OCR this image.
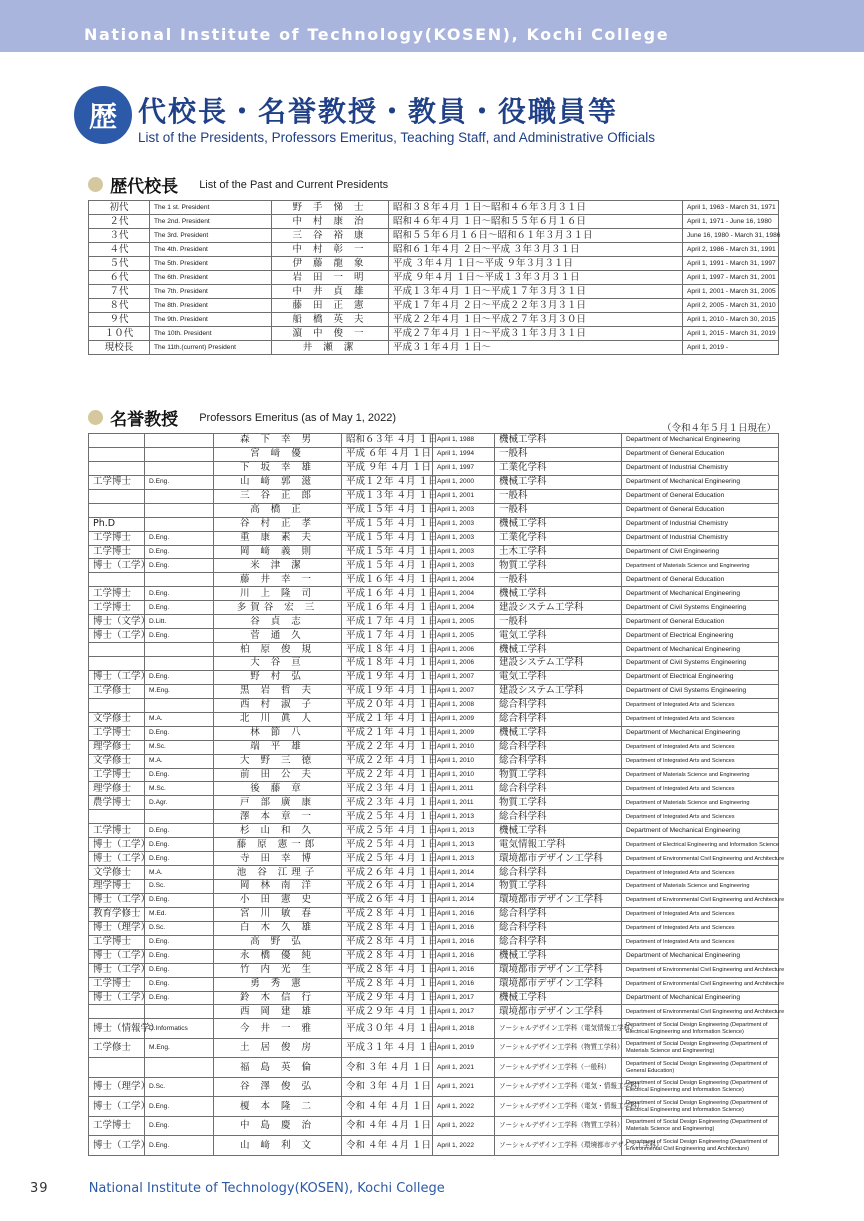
National Institute of Technology(KOSEN), Kochi College
歴 代校長・名誉教授・教員・役職員等
List of the Presidents, Professors Emeritus, Teaching Staff, and Administrative Officials
歴代校長 List of the Past and Current Presidents
初代	The 1 st. President	野 手 悌 士	昭和３８年４月 １日～昭和４６年３月３１日	April 1, 1963 - March 31, 1971
２代	The 2nd. President	中 村 康 治	昭和４６年４月 １日～昭和５５年６月１６日	April 1, 1971 - June 16, 1980
３代	The 3rd. President	三 谷 裕 康	昭和５５年６月１６日～昭和６１年３月３１日	June 16, 1980 - March 31, 1986
４代	The 4th. President	中 村 彰 一	昭和６１年４月 ２日～平成 ３年３月３１日	April 2, 1986 - March 31, 1991
５代	The 5th. President	伊 藤 龍 象	平成 ３年４月 １日～平成 ９年３月３１日	April 1, 1991 - March 31, 1997
６代	The 6th. President	岩 田 一 明	平成 ９年４月 １日～平成１３年３月３１日	April 1, 1997 - March 31, 2001
７代	The 7th. President	中 井 貞 雄	平成１３年４月 １日～平成１７年３月３１日	April 1, 2001 - March 31, 2005
８代	The 8th. President	藤 田 正 憲	平成１７年４月 ２日～平成２２年３月３１日	April 2, 2005 - March 31, 2010
９代	The 9th. President	船 橋 英 夫	平成２２年４月 １日～平成２７年３月３０日	April 1, 2010 - March 30, 2015
１０代	The 10th. President	濵 中 俊 一	平成２７年４月 １日～平成３１年３月３１日	April 1, 2015 - March 31, 2019
現校長	The 11th.(current) President	井 瀬 潔	平成３１年４月 １日～	April 1, 2019 -
名誉教授 Professors Emeritus (as of May 1, 2022)
（令和４年５月１日現在）
		森 下 幸 男	昭和６３年 ４月 １日	April 1, 1988	機械工学科	Department of Mechanical Engineering
		宮 﨑 優	平成 ６年 ４月 １日	April 1, 1994	一般科	Department of General Education
		下 坂 幸 雄	平成 ９年 ４月 １日	April 1, 1997	工業化学科	Department of Industrial Chemistry
工学博士	D.Eng.	山 﨑 郭 滋	平成１２年 ４月 １日	April 1, 2000	機械工学科	Department of Mechanical Engineering
		三 谷 正 郎	平成１３年 ４月 １日	April 1, 2001	一般科	Department of General Education
		高 橋 正	平成１５年 ４月 １日	April 1, 2003	一般科	Department of General Education
Ph.D		谷 村 正 孝	平成１５年 ４月 １日	April 1, 2003	機械工学科	Department of Industrial Chemistry
工学博士	D.Eng.	重 康 素 夫	平成１５年 ４月 １日	April 1, 2003	工業化学科	Department of Industrial Chemistry
工学博士	D.Eng.	岡 﨑 義 則	平成１５年 ４月 １日	April 1, 2003	土木工学科	Department of Civil Engineering
博士（工学）	D.Eng.	米 津 潔	平成１５年 ４月 １日	April 1, 2003	物質工学科	Department of Materials Science and Engineering
		藤 井 幸 一	平成１６年 ４月 １日	April 1, 2004	一般科	Department of General Education
工学博士	D.Eng.	川 上 隆 司	平成１６年 ４月 １日	April 1, 2004	機械工学科	Department of Mechanical Engineering
工学博士	D.Eng.	多賀谷 宏 三	平成１６年 ４月 １日	April 1, 2004	建設システム工学科	Department of Civil Systems Engineering
博士（文学）	D.Litt.	谷 貞 志	平成１７年 ４月 １日	April 1, 2005	一般科	Department of General Education
博士（工学）	D.Eng.	菅 通 久	平成１７年 ４月 １日	April 1, 2005	電気工学科	Department of Electrical Engineering
		柏 原 俊 規	平成１８年 ４月 １日	April 1, 2006	機械工学科	Department of Mechanical Engineering
		大 谷 亘	平成１８年 ４月 １日	April 1, 2006	建設システム工学科	Department of Civil Systems Engineering
博士（工学）	D.Eng.	野 村 弘	平成１９年 ４月 １日	April 1, 2007	電気工学科	Department of Electrical Engineering
工学修士	M.Eng.	黒 岩 哲 夫	平成１９年 ４月 １日	April 1, 2007	建設システム工学科	Department of Civil Systems Engineering
		西 村 淑 子	平成２０年 ４月 １日	April 1, 2008	総合科学科	Department of Integrated Arts and Sciences
文学修士	M.A.	北 川 眞 人	平成２１年 ４月 １日	April 1, 2009	総合科学科	Department of Integrated Arts and Sciences
工学博士	D.Eng.	林 節 八	平成２１年 ４月 １日	April 1, 2009	機械工学科	Department of Mechanical Engineering
理学修士	M.Sc.	端 平 雄	平成２２年 ４月 １日	April 1, 2010	総合科学科	Department of Integrated Arts and Sciences
文学修士	M.A.	大 野 三 徳	平成２２年 ４月 １日	April 1, 2010	総合科学科	Department of Integrated Arts and Sciences
工学博士	D.Eng.	前 田 公 夫	平成２２年 ４月 １日	April 1, 2010	物質工学科	Department of Materials Science and Engineering
理学修士	M.Sc.	後 藤 章	平成２３年 ４月 １日	April 1, 2011	総合科学科	Department of Integrated Arts and Sciences
農学博士	D.Agr.	戸 部 廣 康	平成２３年 ４月 １日	April 1, 2011	物質工学科	Department of Materials Science and Engineering
		澤 本 章 一	平成２５年 ４月 １日	April 1, 2013	総合科学科	Department of Integrated Arts and Sciences
工学博士	D.Eng.	杉 山 和 久	平成２５年 ４月 １日	April 1, 2013	機械工学科	Department of Mechanical Engineering
博士（工学）	D.Eng.	藤 原 憲一郎	平成２５年 ４月 １日	April 1, 2013	電気情報工学科	Department of Electrical Engineering and Information Science
博士（工学）	D.Eng.	寺 田 幸 博	平成２５年 ４月 １日	April 1, 2013	環境都市デザイン工学科	Department of Environmental Civil Engineering and Architecture
文学修士	M.A.	池 谷 江理子	平成２６年 ４月 １日	April 1, 2014	総合科学科	Department of Integrated Arts and Sciences
理学博士	D.Sc.	岡 林 南 洋	平成２６年 ４月 １日	April 1, 2014	物質工学科	Department of Materials Science and Engineering
博士（工学）	D.Eng.	小 田 憲 史	平成２６年 ４月 １日	April 1, 2014	環境都市デザイン工学科	Department of Environmental Civil Engineering and Architecture
教育学修士	M.Ed.	宮 川 敏 春	平成２８年 ４月 １日	April 1, 2016	総合科学科	Department of Integrated Arts and Sciences
博士（理学）	D.Sc.	白 木 久 雄	平成２８年 ４月 １日	April 1, 2016	総合科学科	Department of Integrated Arts and Sciences
工学博士	D.Eng.	高 野 弘	平成２８年 ４月 １日	April 1, 2016	総合科学科	Department of Integrated Arts and Sciences
博士（工学）	D.Eng.	永 橋 優 純	平成２８年 ４月 １日	April 1, 2016	機械工学科	Department of Mechanical Engineering
博士（工学）	D.Eng.	竹 内 光 生	平成２８年 ４月 １日	April 1, 2016	環境都市デザイン工学科	Department of Environmental Civil Engineering and Architecture
工学博士	D.Eng.	勇 秀 憲	平成２８年 ４月 １日	April 1, 2016	環境都市デザイン工学科	Department of Environmental Civil Engineering and Architecture
博士（工学）	D.Eng.	鈴 木 信 行	平成２９年 ４月 １日	April 1, 2017	機械工学科	Department of Mechanical Engineering
		西 岡 建 雄	平成２９年 ４月 １日	April 1, 2017	環境都市デザイン工学科	Department of Environmental Civil Engineering and Architecture
博士（情報学）	D.Informatics	今 井 一 雅	平成３０年 ４月 １日	April 1, 2018	ソーシャルデザイン工学科（電気情報工学科）	Department of Social Design Engineering (Department of Electrical Engineering and Information Science)
工学修士	M.Eng.	土 居 俊 房	平成３１年 ４月 １日	April 1, 2019	ソーシャルデザイン工学科（物質工学科）	Department of Social Design Engineering (Department of Materials Science and Engineering)
		福 島 英 倫	令和 ３年 ４月 １日	April 1, 2021	ソーシャルデザイン工学科（一般科）	Department of Social Design Engineering (Department of General Education)
博士（理学）	D.Sc.	谷 澤 俊 弘	令和 ３年 ４月 １日	April 1, 2021	ソーシャルデザイン工学科（電気・情報工学科）	Department of Social Design Engineering (Department of Electrical Engineering and Information Science)
博士（工学）	D.Eng.	榎 本 隆 二	令和 ４年 ４月 １日	April 1, 2022	ソーシャルデザイン工学科（電気・情報工学科）	Department of Social Design Engineering (Department of Electrical Engineering and Information Science)
工学博士	D.Eng.	中 島 慶 治	令和 ４年 ４月 １日	April 1, 2022	ソーシャルデザイン工学科（物質工学科）	Department of Social Design Engineering (Department of Materials Science and Engineering)
博士（工学）	D.Eng.	山 﨑 利 文	令和 ４年 ４月 １日	April 1, 2022	ソーシャルデザイン工学科（環境都市デザイン工学科）	Department of Social Design Engineering (Department of Environmental Civil Engineering and Architecture)
39	National Institute of Technology(KOSEN), Kochi College
